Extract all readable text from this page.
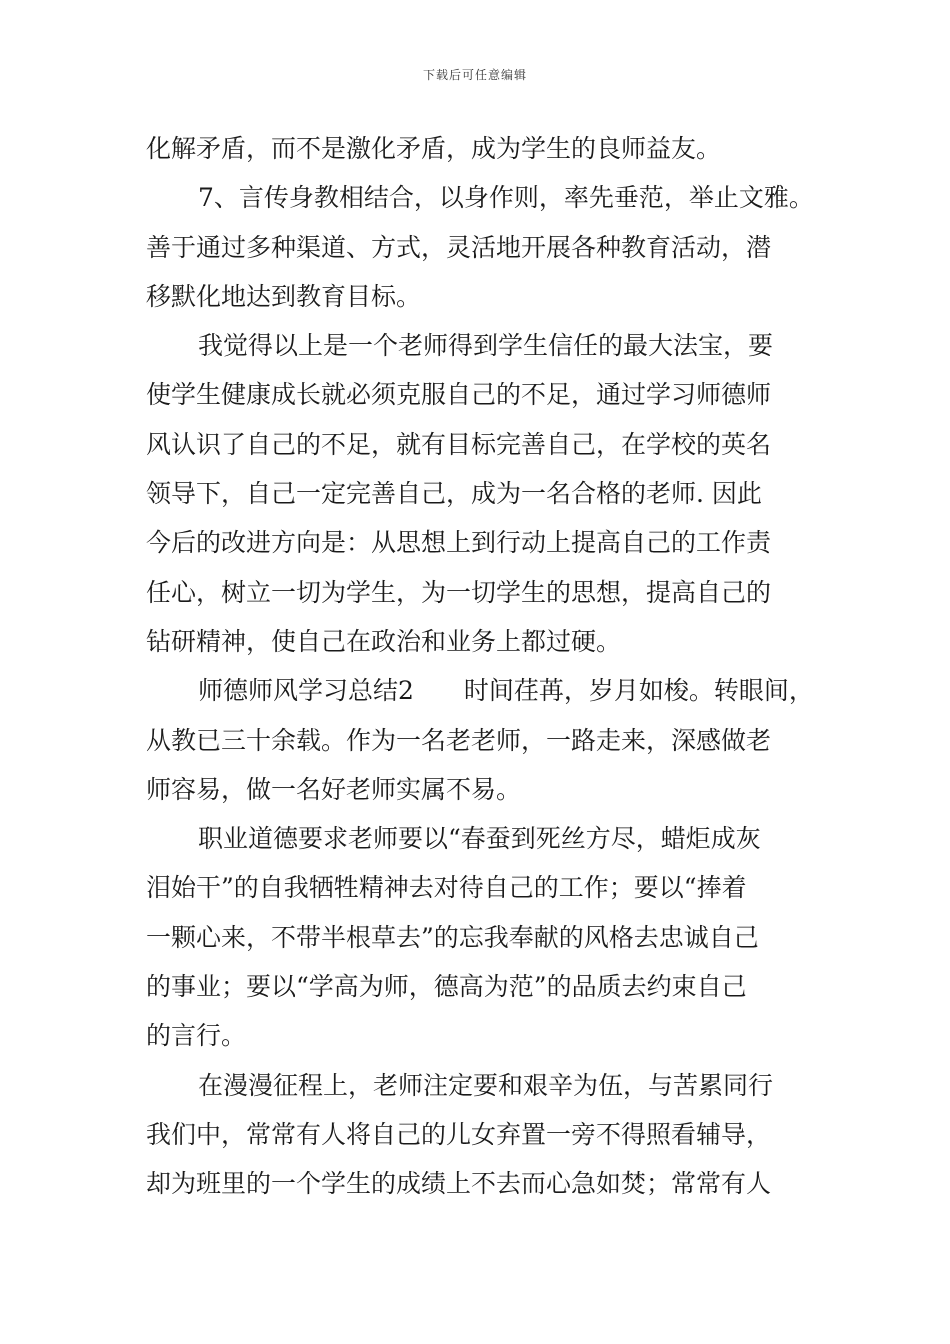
下载后可任意编辑
化解矛盾，而不是激化矛盾，成为学生的良师益友。
7、言传身教相结合，以身作则，率先垂范，举止文雅。
善于通过多种渠道、方式，灵活地开展各种教育活动，潜
移默化地达到教育目标。
我觉得以上是一个老师得到学生信任的最大法宝，要
使学生健康成长就必须克服自己的不足，通过学习师德师
风认识了自己的不足，就有目标完善自己，在学校的英名
领导下，自己一定完善自己，成为一名合格的老师. 因此
今后的改进方向是：从思想上到行动上提高自己的工作责
任心，树立一切为学生，为一切学生的思想，提高自己的
钻研精神，使自己在政治和业务上都过硬。
师德师风学习总结2　　时间荏苒，岁月如梭。转眼间，
从教已三十余载。作为一名老老师，一路走来，深感做老
师容易，做一名好老师实属不易。
职业道德要求老师要以“春蚕到死丝方尽，蜡炬成灰
泪始干”的自我牺牲精神去对待自己的工作；要以“捧着
一颗心来，不带半根草去”的忘我奉献的风格去忠诚自己
的事业；要以“学高为师，德高为范”的品质去约束自己
的言行。
在漫漫征程上，老师注定要和艰辛为伍，与苦累同行
我们中，常常有人将自己的儿女弃置一旁不得照看辅导，
却为班里的一个学生的成绩上不去而心急如焚；常常有人
